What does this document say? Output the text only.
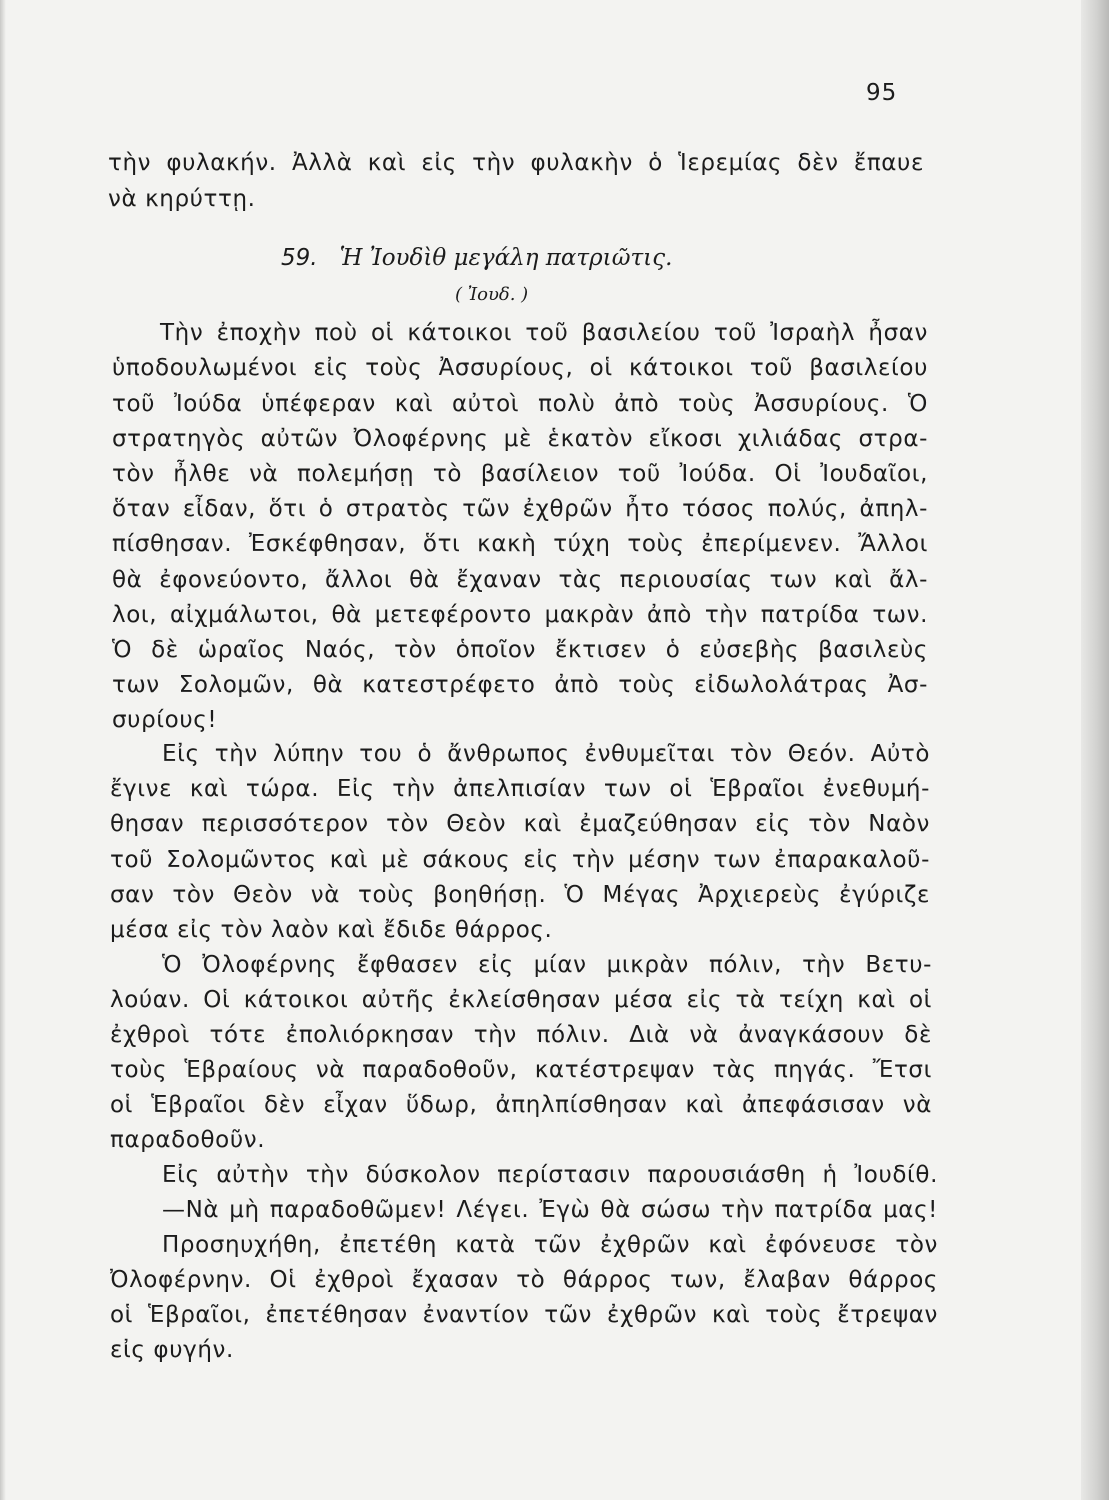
95
τὴν φυλακήν. Ἀλλὰ καὶ εἰς τὴν φυλακὴν ὁ Ἱερεμίας δὲν ἔπαυε
νὰ κηρύττῃ.
59. Ἡ Ἰουδὶθ μεγάλη πατριῶτις.
( Ἰουδ. )
Τὴν ἐποχὴν ποὺ οἱ κάτοικοι τοῦ βασιλείου τοῦ Ἰσραὴλ ἦσαν
ὑποδουλωμένοι εἰς τοὺς Ἀσσυρίους, οἱ κάτοικοι τοῦ βασιλείου
τοῦ Ἰούδα ὑπέφεραν καὶ αὐτοὶ πολὺ ἀπὸ τοὺς Ἀσσυρίους. Ὁ
στρατηγὸς αὐτῶν Ὀλοφέρνης μὲ ἑκατὸν εἴκοσι χιλιάδας στρα-
τὸν ἦλθε νὰ πολεμήσῃ τὸ βασίλειον τοῦ Ἰούδα. Οἱ Ἰουδαῖοι,
ὅταν εἶδαν, ὅτι ὁ στρατὸς τῶν ἐχθρῶν ἦτο τόσος πολύς, ἀπηλ-
πίσθησαν. Ἐσκέφθησαν, ὅτι κακὴ τύχη τοὺς ἐπερίμενεν. Ἄλλοι
θὰ ἐφονεύοντο, ἄλλοι θὰ ἔχαναν τὰς περιουσίας των καὶ ἄλ-
λοι, αἰχμάλωτοι, θὰ μετεφέροντο μακρὰν ἀπὸ τὴν πατρίδα των.
Ὁ δὲ ὡραῖος Ναός, τὸν ὁποῖον ἔκτισεν ὁ εὐσεβὴς βασιλεὺς
των Σολομῶν, θὰ κατεστρέφετο ἀπὸ τοὺς εἰδωλολάτρας Ἀσ-
συρίους!
Εἰς τὴν λύπην του ὁ ἄνθρωπος ἐνθυμεῖται τὸν Θεόν. Αὐτὸ
ἔγινε καὶ τώρα. Εἰς τὴν ἀπελπισίαν των οἱ Ἑβραῖοι ἐνεθυμή-
θησαν περισσότερον τὸν Θεὸν καὶ ἐμαζεύθησαν εἰς τὸν Ναὸν
τοῦ Σολομῶντος καὶ μὲ σάκους εἰς τὴν μέσην των ἐπαρακαλοῦ-
σαν τὸν Θεὸν νὰ τοὺς βοηθήσῃ. Ὁ Μέγας Ἀρχιερεὺς ἐγύριζε
μέσα εἰς τὸν λαὸν καὶ ἔδιδε θάρρος.
Ὁ Ὀλοφέρνης ἔφθασεν εἰς μίαν μικρὰν πόλιν, τὴν Βετυ-
λούαν. Οἱ κάτοικοι αὐτῆς ἐκλείσθησαν μέσα εἰς τὰ τείχη καὶ οἱ
ἐχθροὶ τότε ἐπολιόρκησαν τὴν πόλιν. Διὰ νὰ ἀναγκάσουν δὲ
τοὺς Ἑβραίους νὰ παραδοθοῦν, κατέστρεψαν τὰς πηγάς. Ἔτσι
οἱ Ἑβραῖοι δὲν εἶχαν ὕδωρ, ἀπηλπίσθησαν καὶ ἀπεφάσισαν νὰ
παραδοθοῦν.
Εἰς αὐτὴν τὴν δύσκολον περίστασιν παρουσιάσθη ἡ Ἰουδίθ.
—Νὰ μὴ παραδοθῶμεν! Λέγει. Ἐγὼ θὰ σώσω τὴν πατρίδα μας!
Προσηυχήθη, ἐπετέθη κατὰ τῶν ἐχθρῶν καὶ ἐφόνευσε τὸν
Ὀλοφέρνην. Οἱ ἐχθροὶ ἔχασαν τὸ θάρρος των, ἔλαβαν θάρρος
οἱ Ἑβραῖοι, ἐπετέθησαν ἐναντίον τῶν ἐχθρῶν καὶ τοὺς ἔτρεψαν
εἰς φυγήν.
